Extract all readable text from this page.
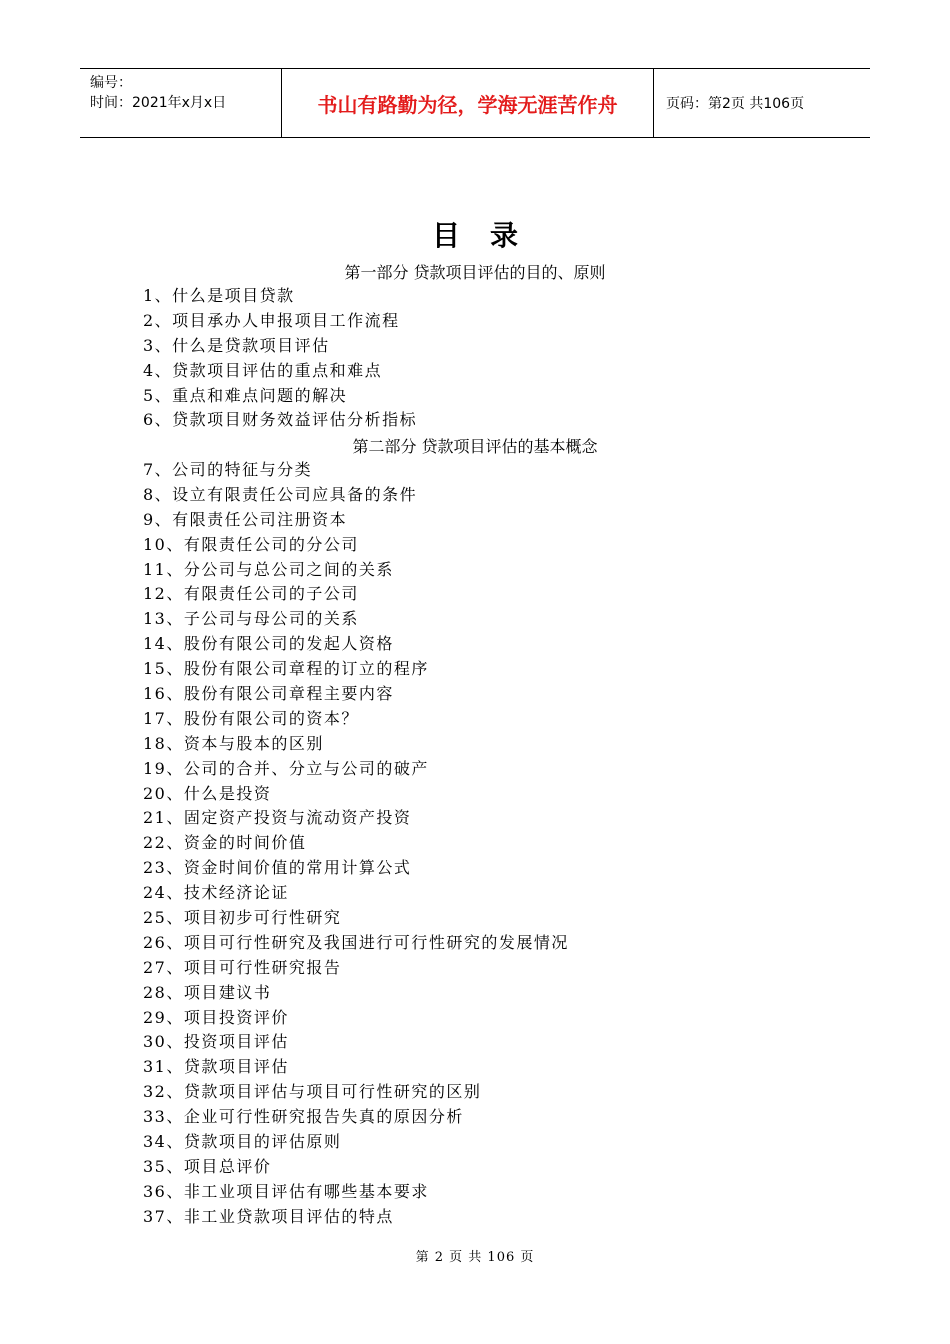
编号：
时间：2021年x月x日	书山有路勤为径，学海无涯苦作舟	页码：第2页 共106页
目录
第一部分 贷款项目评估的目的、原则
1、什么是项目贷款
2、项目承办人申报项目工作流程
3、什么是贷款项目评估
4、贷款项目评估的重点和难点
5、重点和难点问题的解决
6、贷款项目财务效益评估分析指标
第二部分 贷款项目评估的基本概念
7、公司的特征与分类
8、设立有限责任公司应具备的条件
9、有限责任公司注册资本
10、有限责任公司的分公司
11、分公司与总公司之间的关系
12、有限责任公司的子公司
13、子公司与母公司的关系
14、股份有限公司的发起人资格
15、股份有限公司章程的订立的程序
16、股份有限公司章程主要内容
17、股份有限公司的资本？
18、资本与股本的区别
19、公司的合并、分立与公司的破产
20、什么是投资
21、固定资产投资与流动资产投资
22、资金的时间价值
23、资金时间价值的常用计算公式
24、技术经济论证
25、项目初步可行性研究
26、项目可行性研究及我国进行可行性研究的发展情况
27、项目可行性研究报告
28、项目建议书
29、项目投资评价
30、投资项目评估
31、贷款项目评估
32、贷款项目评估与项目可行性研究的区别
33、企业可行性研究报告失真的原因分析
34、贷款项目的评估原则
35、项目总评价
36、非工业项目评估有哪些基本要求
37、非工业贷款项目评估的特点
第 2 页 共 106 页
